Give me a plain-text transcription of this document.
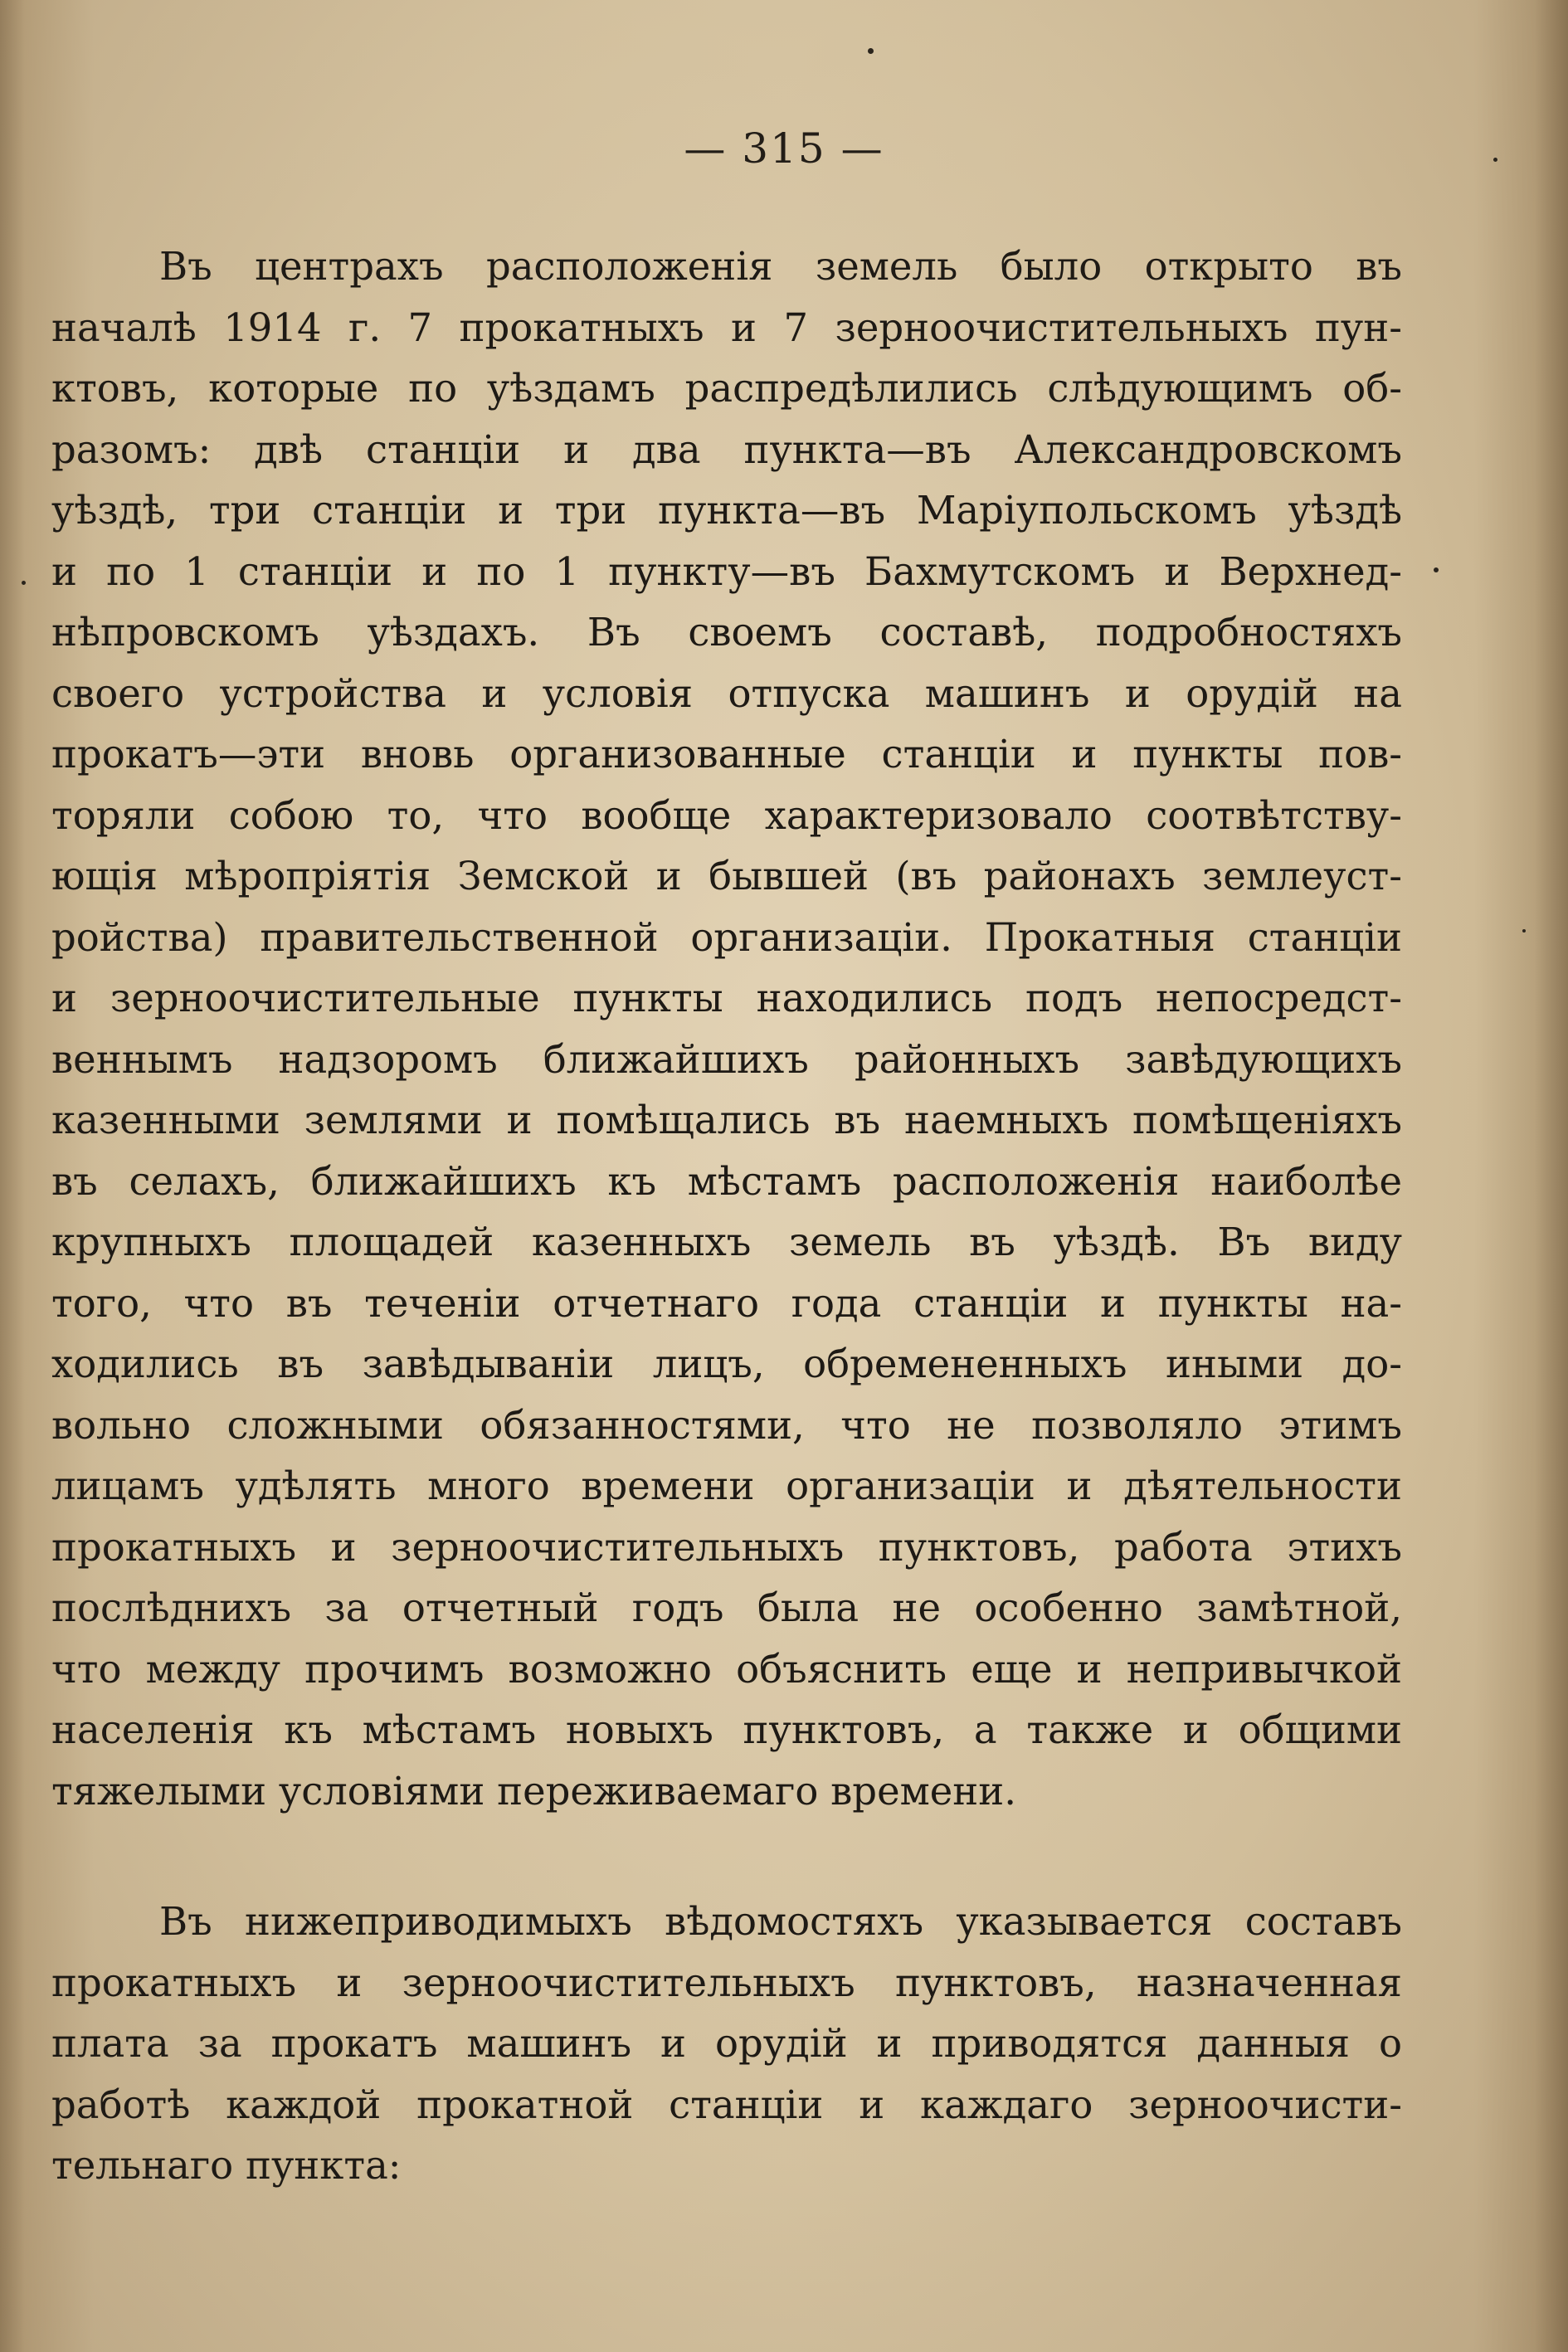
— 315 —
Въ центрахъ расположенія земель было открыто въ
началѣ 1914 г. 7 прокатныхъ и 7 зерноочистительныхъ пун-
ктовъ, которые по уѣздамъ распредѣлились слѣдующимъ об-
разомъ: двѣ станціи и два пункта—въ Александровскомъ
уѣздѣ, три станціи и три пункта—въ Маріупольскомъ уѣздѣ
и по 1 станціи и по 1 пункту—въ Бахмутскомъ и Верхнед-
нѣпровскомъ уѣздахъ. Въ своемъ составѣ, подробностяхъ
своего устройства и условія отпуска машинъ и орудій на
прокатъ—эти вновь организованные станціи и пункты пов-
торяли собою то, что вообще характеризовало соотвѣтству-
ющія мѣропріятія Земской и бывшей (въ районахъ землеуст-
ройства) правительственной организаціи. Прокатныя станціи
и зерноочистительные пункты находились подъ непосредст-
веннымъ надзоромъ ближайшихъ районныхъ завѣдующихъ
казенными землями и помѣщались въ наемныхъ помѣщеніяхъ
въ селахъ, ближайшихъ къ мѣстамъ расположенія наиболѣе
крупныхъ площадей казенныхъ земель въ уѣздѣ. Въ виду
того, что въ теченіи отчетнаго года станціи и пункты на-
ходились въ завѣдываніи лицъ, обремененныхъ иными до-
вольно сложными обязанностями, что не позволяло этимъ
лицамъ удѣлять много времени организаціи и дѣятельности
прокатныхъ и зерноочистительныхъ пунктовъ, работа этихъ
послѣднихъ за отчетный годъ была не особенно замѣтной,
что между прочимъ возможно объяснить еще и непривычкой
населенія къ мѣстамъ новыхъ пунктовъ, а также и общими
тяжелыми условіями переживаемаго времени.
Въ нижеприводимыхъ вѣдомостяхъ указывается составъ
прокатныхъ и зерноочистительныхъ пунктовъ, назначенная
плата за прокатъ машинъ и орудій и приводятся данныя о
работѣ каждой прокатной станціи и каждаго зерноочисти-
тельнаго пункта:
